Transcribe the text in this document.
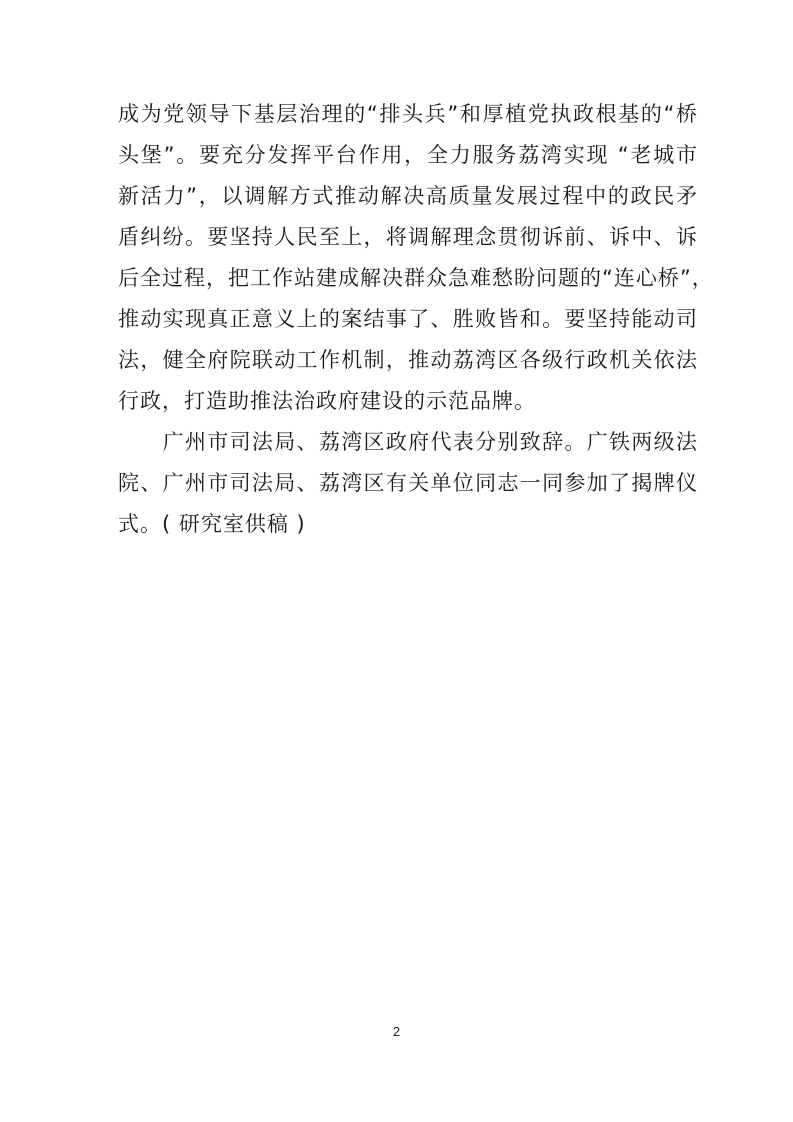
成为党领导下基层治理的“排头兵”和厚植党执政根基的“桥
头堡”。要充分发挥平台作用，全力服务荔湾实现 “老城市
新活力”，以调解方式推动解决高质量发展过程中的政民矛
盾纠纷。要坚持人民至上，将调解理念贯彻诉前、诉中、诉
后全过程，把工作站建成解决群众急难愁盼问题的“连心桥”，
推动实现真正意义上的案结事了、胜败皆和。要坚持能动司
法，健全府院联动工作机制，推动荔湾区各级行政机关依法
行政，打造助推法治政府建设的示范品牌。
　　广州市司法局、荔湾区政府代表分别致辞。广铁两级法
院、广州市司法局、荔湾区有关单位同志一同参加了揭牌仪
式。( 研究室供稿 )
2
